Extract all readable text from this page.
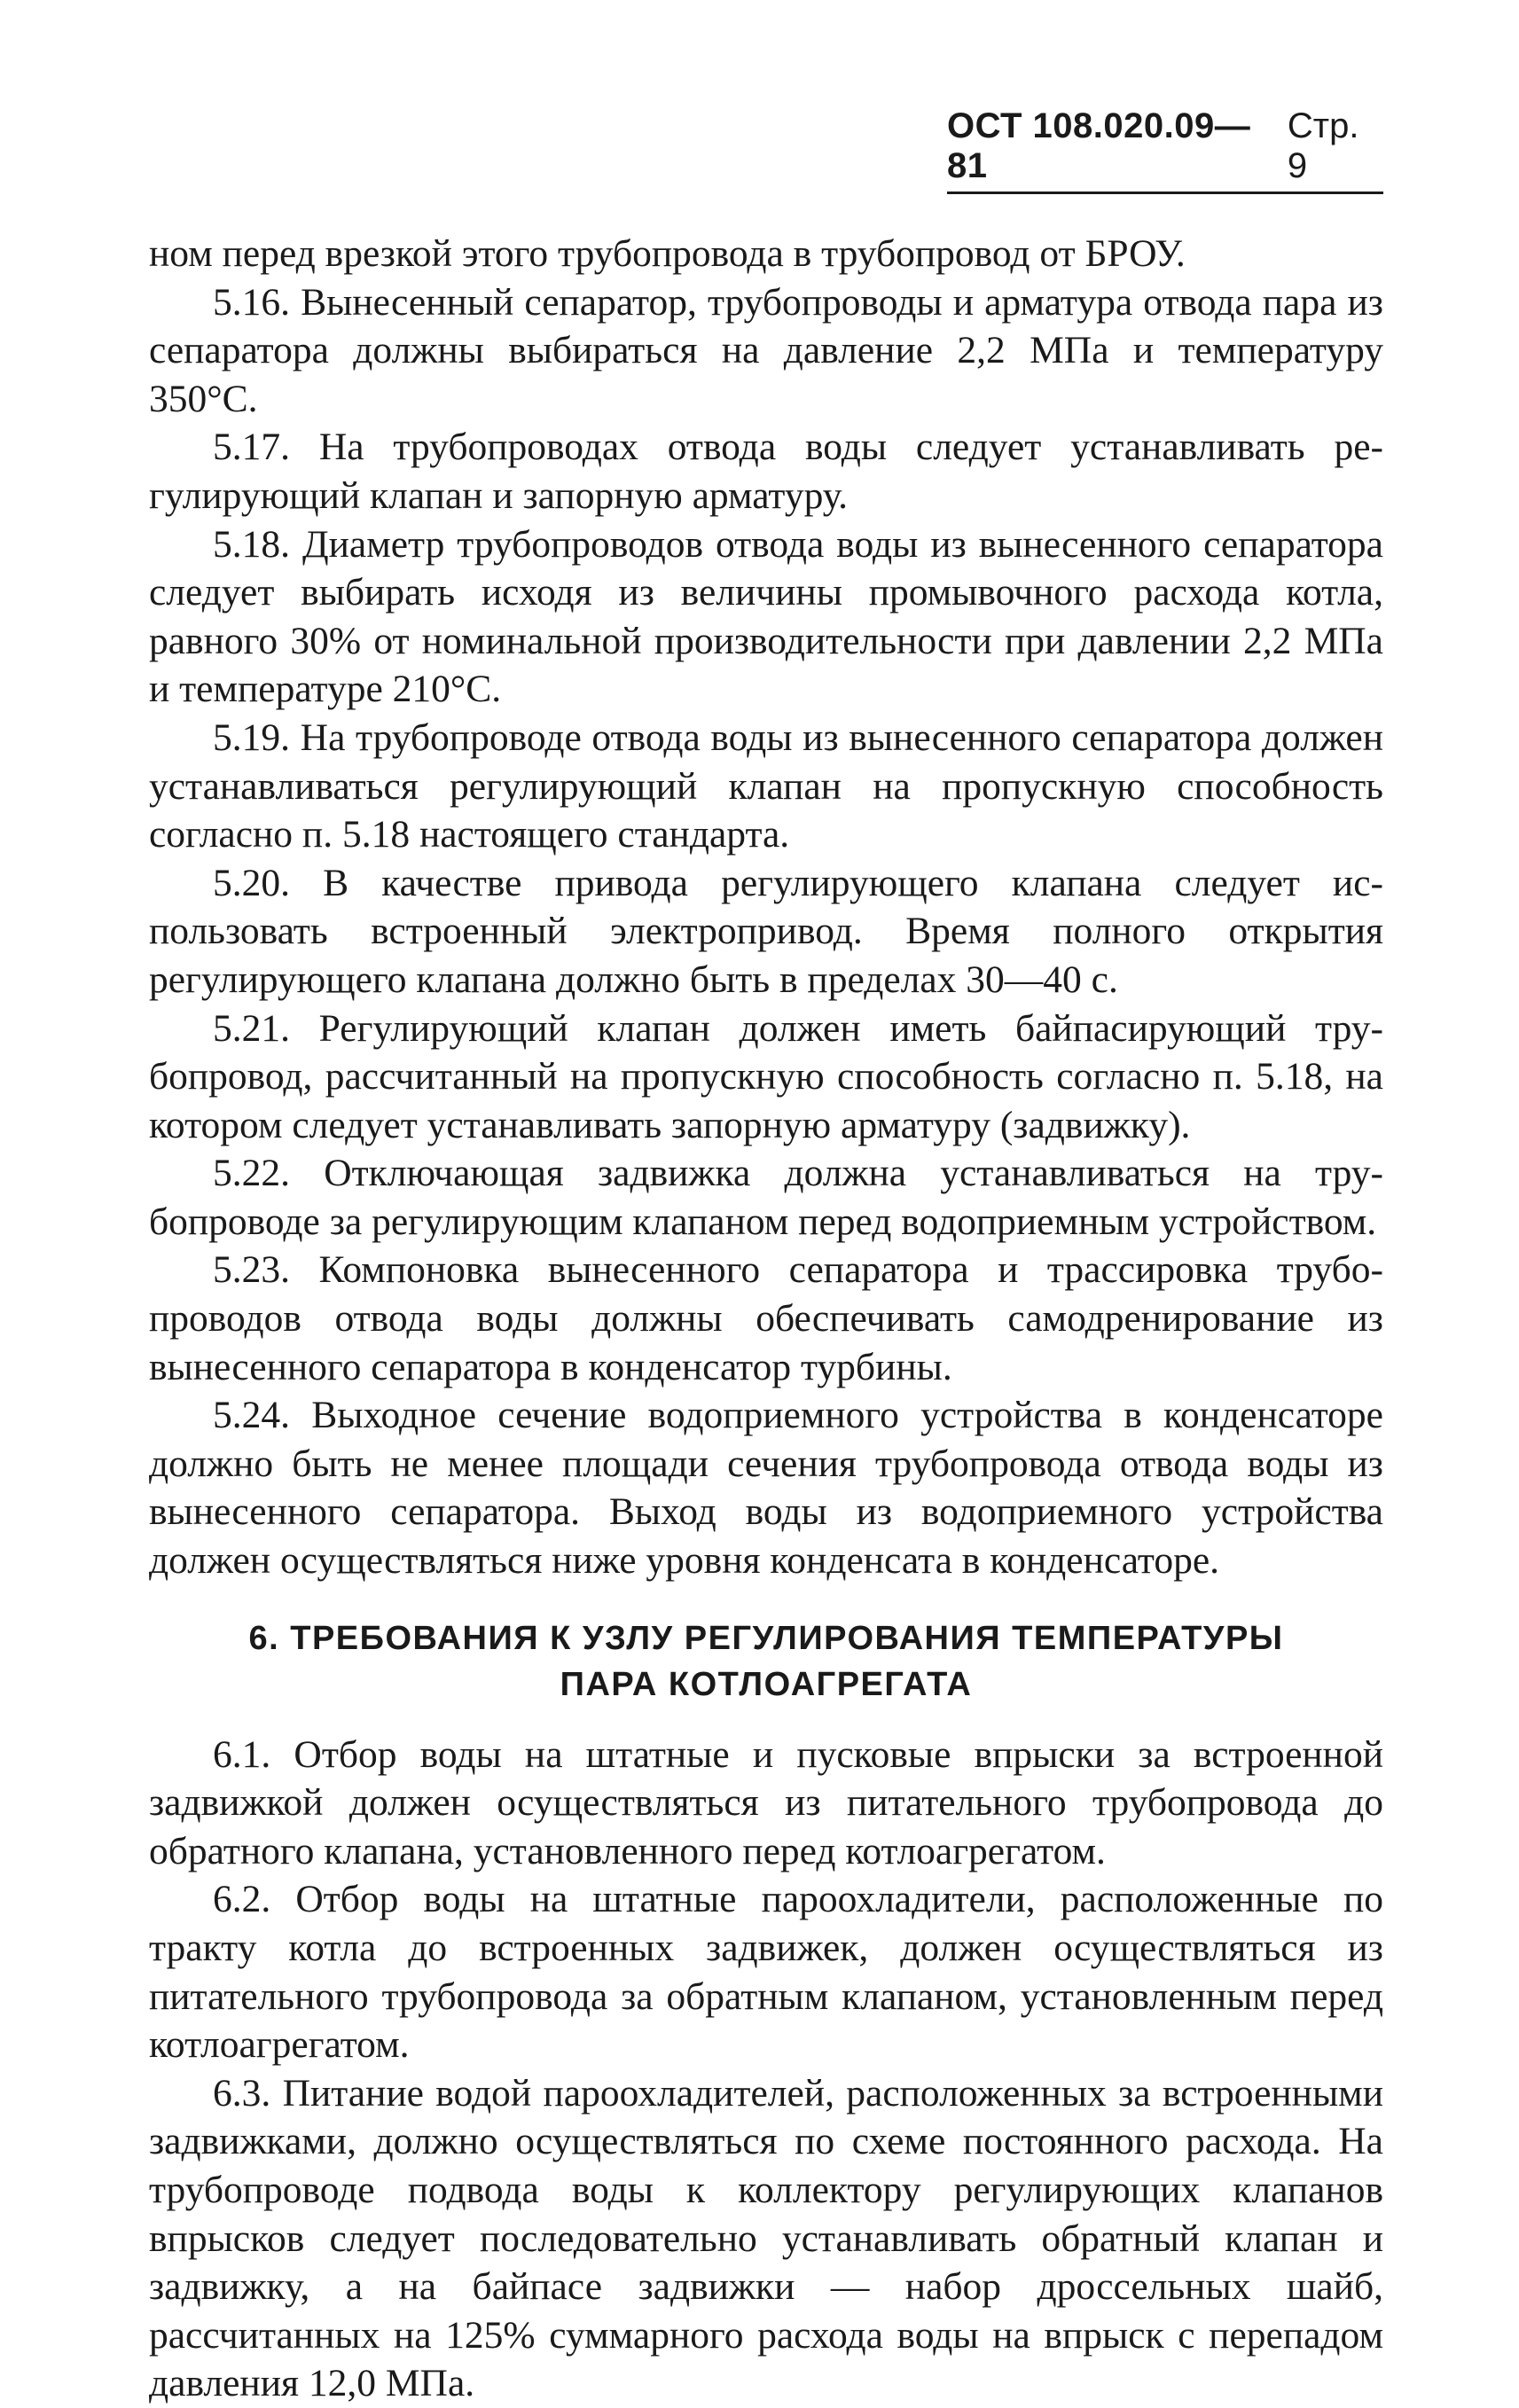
ОСТ 108.020.09—81
Стр. 9

ном перед врезкой этого трубопровода в трубопровод от БРОУ.

5.16. Вынесенный сепаратор, трубопроводы и арматура отвода пара из сепаратора должны выбираться на давление 2,2 МПа и температуру 350°С.

5.17. На трубопроводах отвода воды следует устанавливать регулирующий клапан и запорную арматуру.

5.18. Диаметр трубопроводов отвода воды из вынесенного сепаратора следует выбирать исходя из величины промывочного расхода котла, равного 30% от номинальной производительности при давлении 2,2 МПа и температуре 210°С.

5.19. На трубопроводе отвода воды из вынесенного сепаратора должен устанавливаться регулирующий клапан на пропускную способность согласно п. 5.18 настоящего стандарта.

5.20. В качестве привода регулирующего клапана следует использовать встроенный электропривод. Время полного открытия регулирующего клапана должно быть в пределах 30—40 с.

5.21. Регулирующий клапан должен иметь байпасирующий трубопровод, рассчитанный на пропускную способность согласно п. 5.18, на котором следует устанавливать запорную арматуру (задвижку).

5.22. Отключающая задвижка должна устанавливаться на трубопроводе за регулирующим клапаном перед водоприемным устройством.

5.23. Компоновка вынесенного сепаратора и трассировка трубопроводов отвода воды должны обеспечивать самодренирование из вынесенного сепаратора в конденсатор турбины.

5.24. Выходное сечение водоприемного устройства в конденсаторе должно быть не менее площади сечения трубопровода отвода воды из вынесенного сепаратора. Выход воды из водоприемного устройства должен осуществляться ниже уровня конденсата в конденсаторе.

6. ТРЕБОВАНИЯ К УЗЛУ РЕГУЛИРОВАНИЯ ТЕМПЕРАТУРЫ
ПАРА КОТЛОАГРЕГАТА

6.1. Отбор воды на штатные и пусковые впрыски за встроенной задвижкой должен осуществляться из питательного трубопровода до обратного клапана, установленного перед котлоагрегатом.

6.2. Отбор воды на штатные пароохладители, расположенные по тракту котла до встроенных задвижек, должен осуществляться из питательного трубопровода за обратным клапаном, установленным перед котлоагрегатом.

6.3. Питание водой пароохладителей, расположенных за встроенными задвижками, должно осуществляться по схеме постоянного расхода. На трубопроводе подвода воды к коллектору регулирующих клапанов впрысков следует последовательно устанавливать обратный клапан и задвижку, а на байпасе задвижки — набор дроссельных шайб, рассчитанных на 125% суммарного расхода воды на впрыск с перепадом давления 12,0 МПа.
